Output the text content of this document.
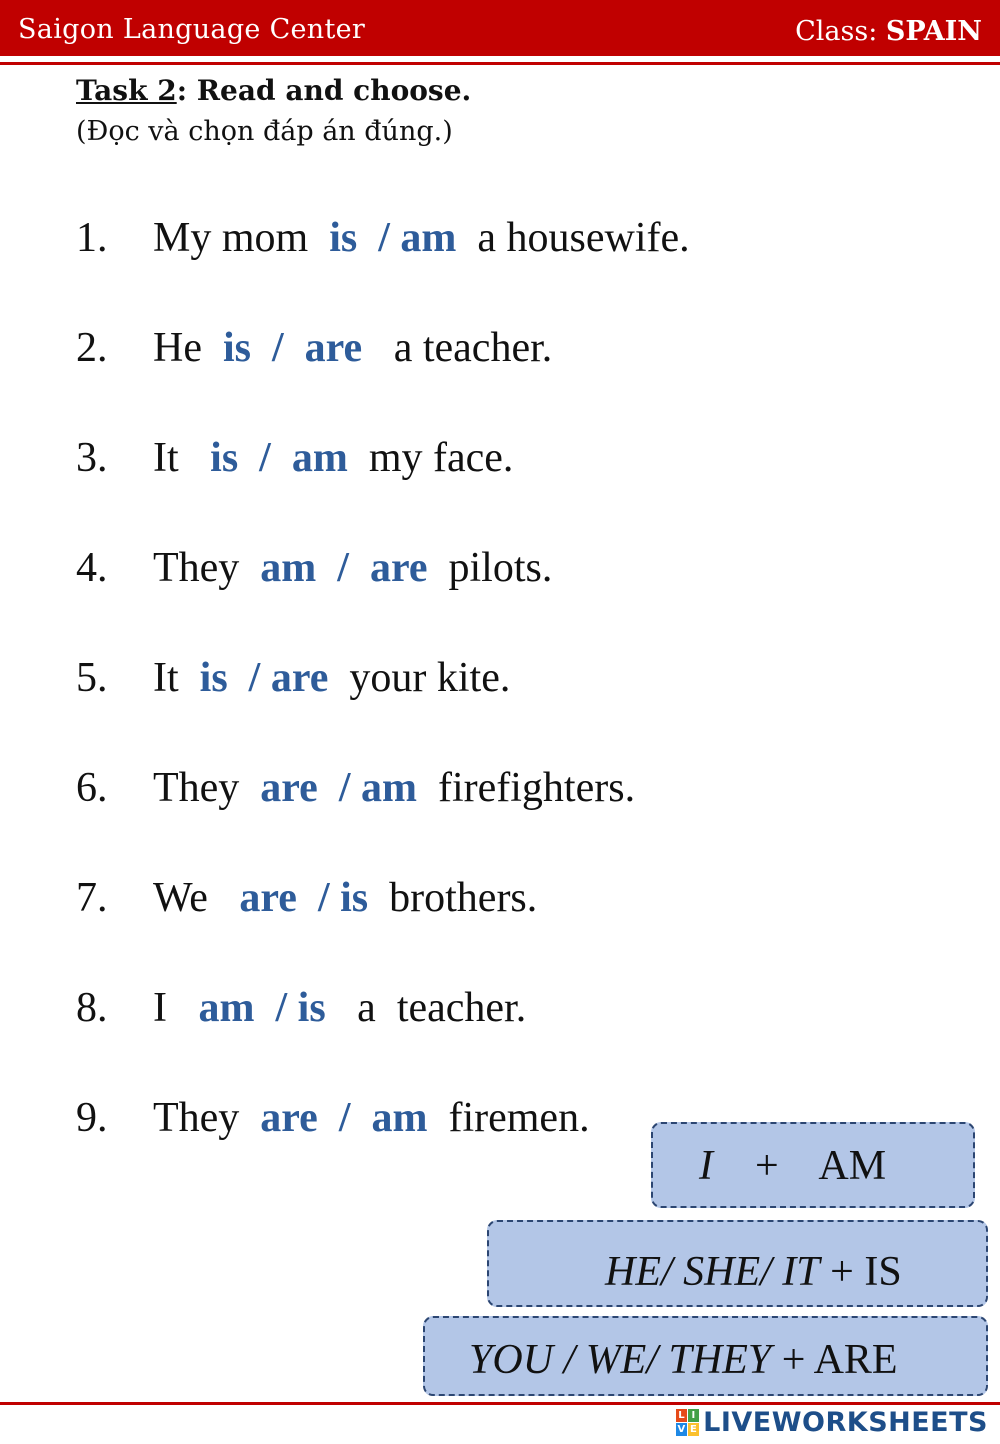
Saigon Language Center	Class: SPAIN
Task 2: Read and choose.
(Đọc và chọn đáp án đúng.)
1. My mom  is  / am  a housewife.
2. He  is  /  are   a teacher.
3. It   is  /  am  my face.
4. They  am  /  are  pilots.
5. It  is  / are  your kite.
6. They  are  / am  firefighters.
7. We   are  / is  brothers.
8. I   am  / is   a  teacher.
9. They  are  /  am  firemen.
I    +    AM
HE/ SHE/ IT + IS
YOU / WE/ THEY + ARE
L I
V E LIVEWORKSHEETS
